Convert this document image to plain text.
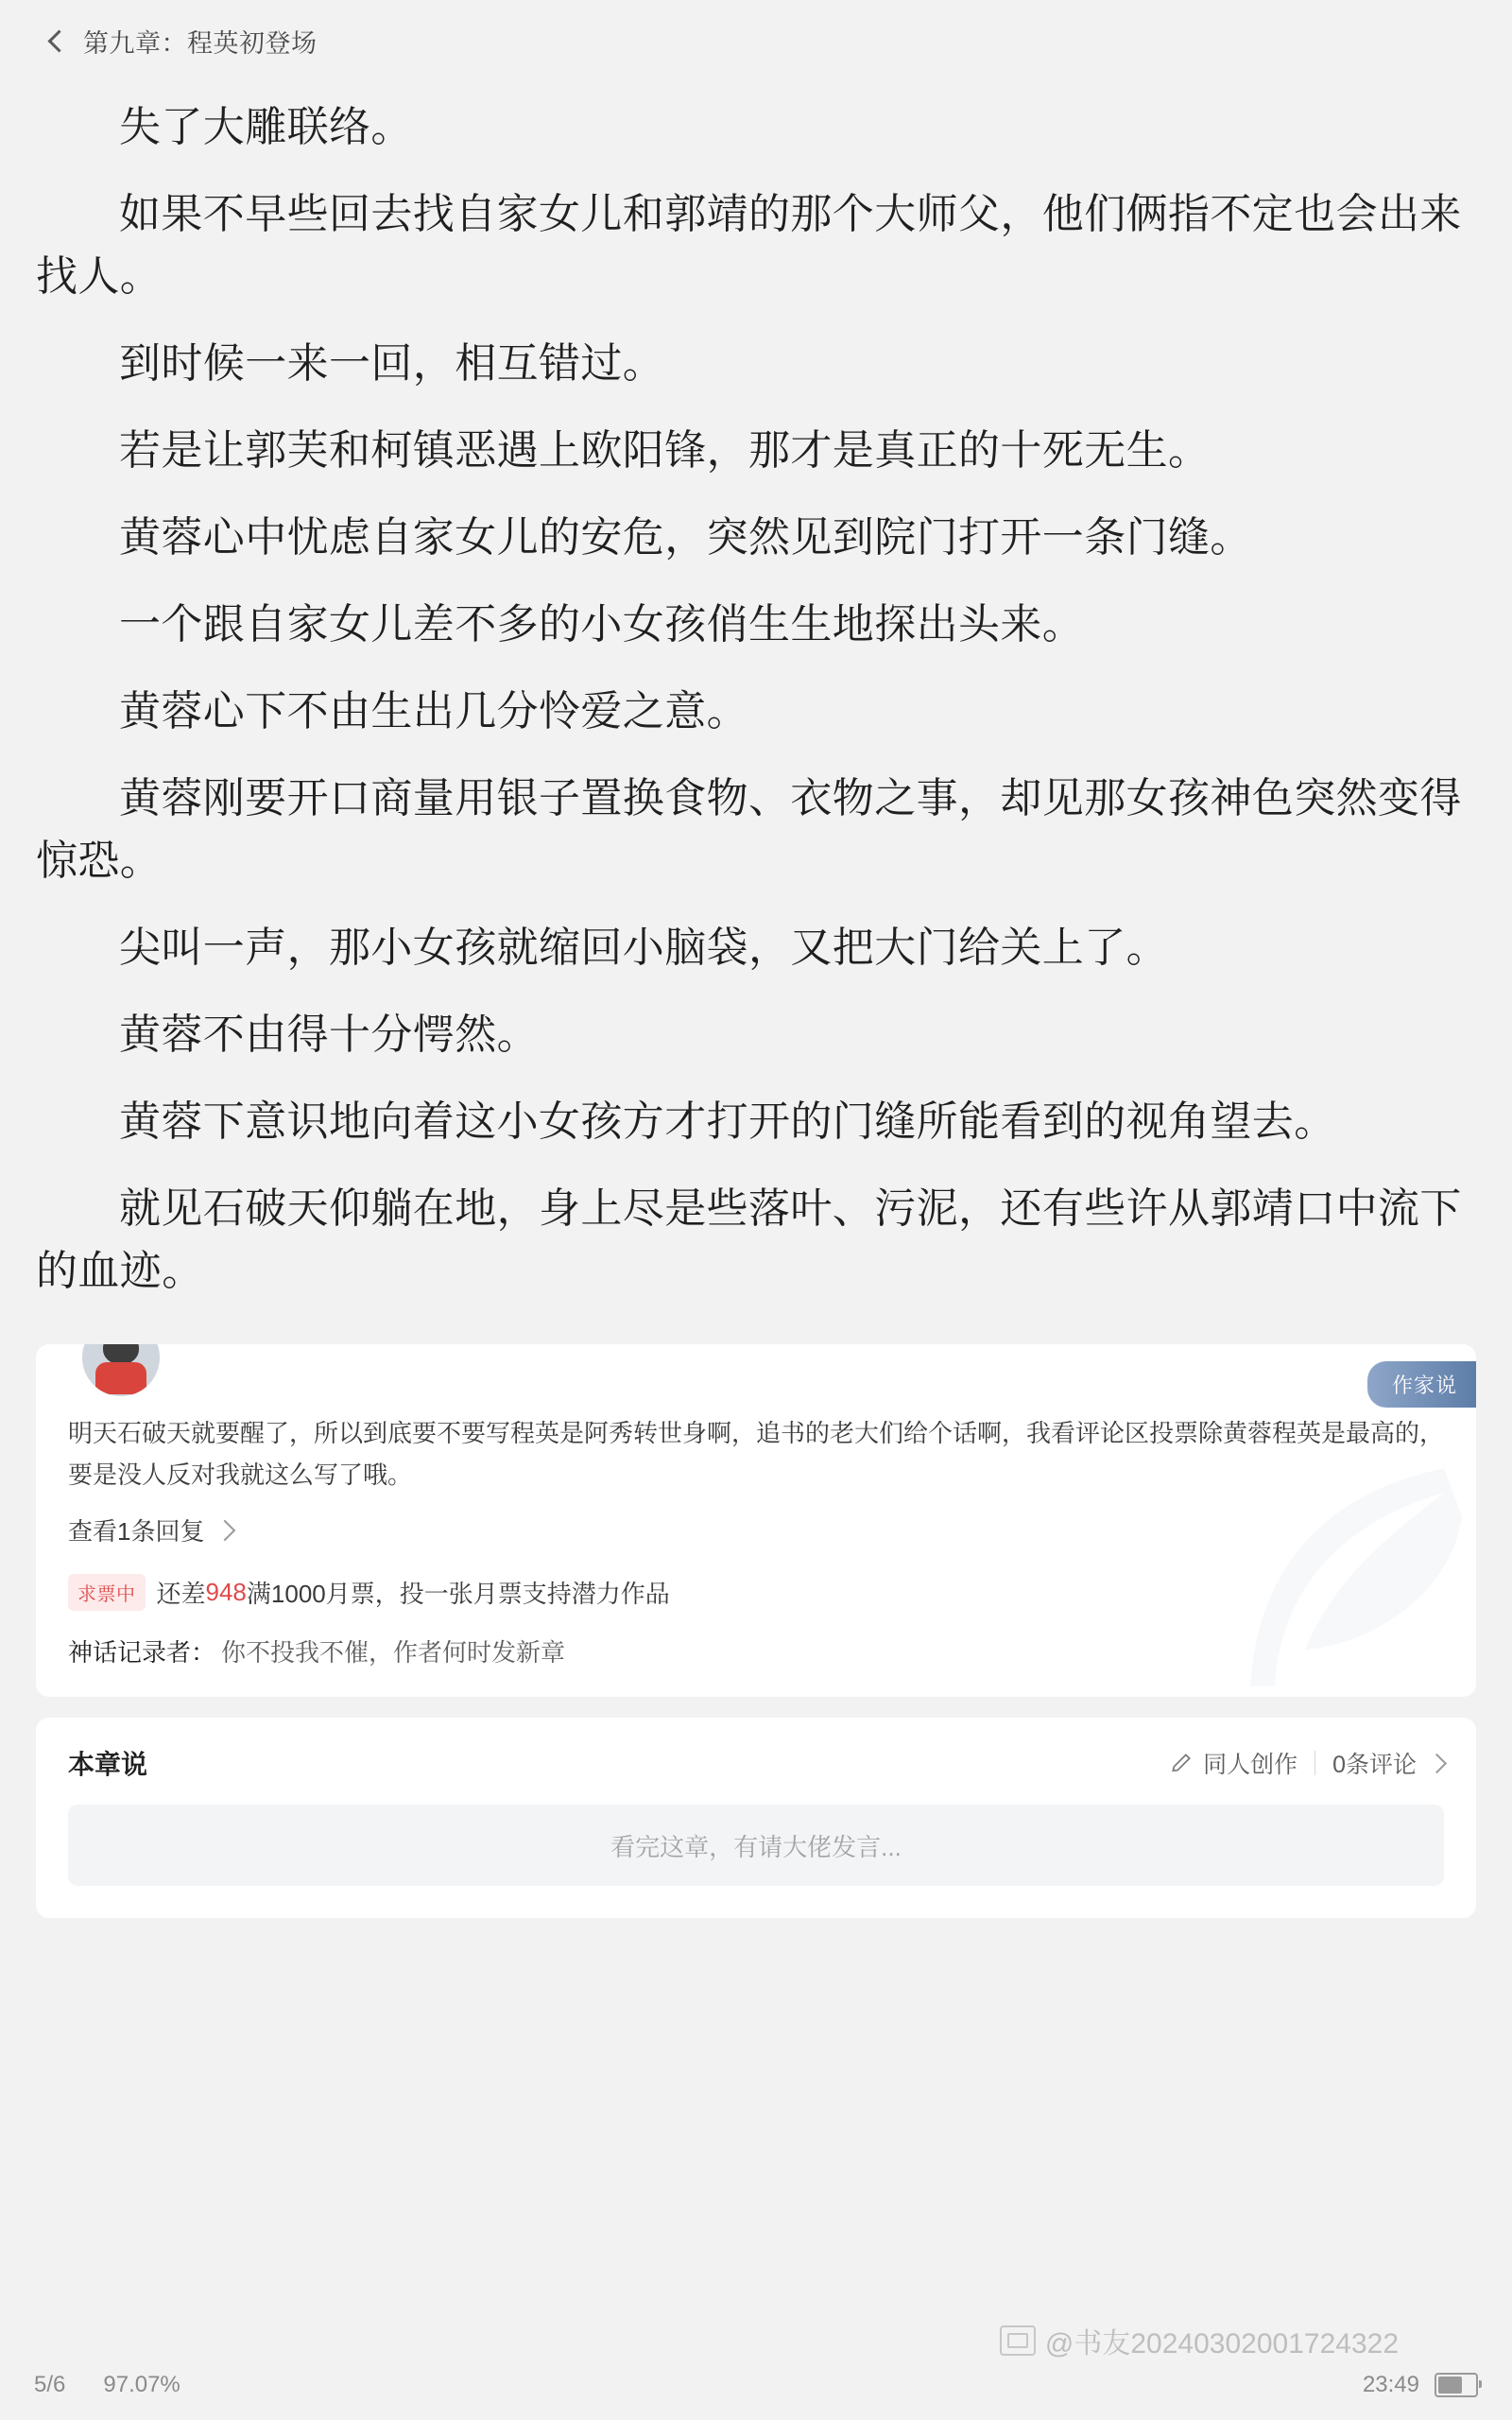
第九章：程英初登场

失了大雕联络。

如果不早些回去找自家女儿和郭靖的那个大师父，他们俩指不定也会出来找人。

到时候一来一回，相互错过。

若是让郭芙和柯镇恶遇上欧阳锋，那才是真正的十死无生。

黄蓉心中忧虑自家女儿的安危，突然见到院门打开一条门缝。

一个跟自家女儿差不多的小女孩俏生生地探出头来。

黄蓉心下不由生出几分怜爱之意。

黄蓉刚要开口商量用银子置换食物、衣物之事，却见那女孩神色突然变得惊恐。

尖叫一声，那小女孩就缩回小脑袋，又把大门给关上了。

黄蓉不由得十分愕然。

黄蓉下意识地向着这小女孩方才打开的门缝所能看到的视角望去。

就见石破天仰躺在地，身上尽是些落叶、污泥，还有些许从郭靖口中流下的血迹。

作家说

明天石破天就要醒了，所以到底要不要写程英是阿秀转世身啊，追书的老大们给个话啊，我看评论区投票除黄蓉程英是最高的，要是没人反对我就这么写了哦。

查看1条回复
求票中 还差 948 满1000月票，投一张月票支持潜力作品
神话记录者： 你不投我不催，作者何时发新章
本章说	同人创作 0条评论
看完这章，有请大佬发言...
@书友20240302001724322
5/6 97.07%	23:49
